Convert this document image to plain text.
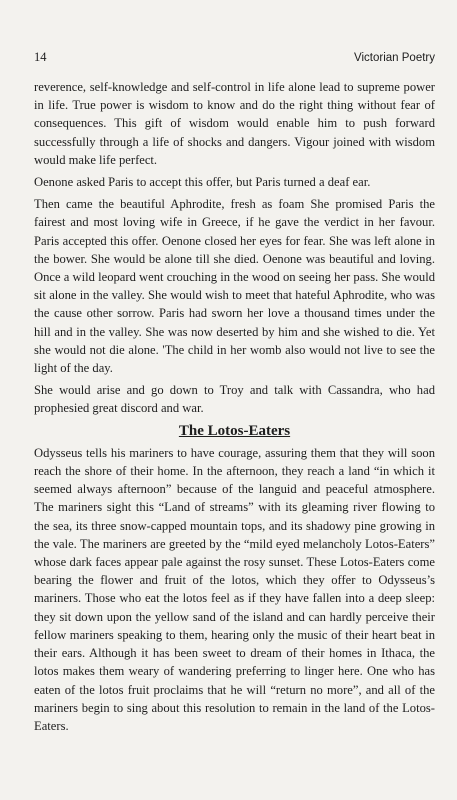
14	Victorian Poetry

reverence, self-knowledge and self-control in life alone lead to supreme power in life. True power is wisdom to know and do the right thing without fear of consequences. This gift of wisdom would enable him to push forward successfully through a life of shocks and dangers. Vigour joined with wisdom would make life perfect.

Oenone asked Paris to accept this offer, but Paris turned a deaf ear.

Then came the beautiful Aphrodite, fresh as foam She promised Paris the fairest and most loving wife in Greece, if he gave the verdict in her favour. Paris accepted this offer. Oenone closed her eyes for fear. She was left alone in the bower. She would be alone till she died. Oenone was beautiful and loving. Once a wild leopard went crouching in the wood on seeing her pass. She would sit alone in the valley. She would wish to meet that hateful Aphrodite, who was the cause other sorrow. Paris had sworn her love a thousand times under the hill and in the valley. She was now deserted by him and she wished to die. Yet she would not die alone. 'The child in her womb also would not live to see the light of the day.

She would arise and go down to Troy and talk with Cassandra, who had prophesied great discord and war.

The Lotos-Eaters

Odysseus tells his mariners to have courage, assuring them that they will soon reach the shore of their home. In the afternoon, they reach a land “in which it seemed always afternoon” because of the languid and peaceful atmosphere. The mariners sight this “Land of streams” with its gleaming river flowing to the sea, its three snow-capped mountain tops, and its shadowy pine growing in the vale. The mariners are greeted by the “mild eyed melancholy Lotos-Eaters” whose dark faces appear pale against the rosy sunset. These Lotos-Eaters come bearing the flower and fruit of the lotos, which they offer to Odysseus’s mariners. Those who eat the lotos feel as if they have fallen into a deep sleep: they sit down upon the yellow sand of the island and can hardly perceive their fellow mariners speaking to them, hearing only the music of their heart beat in their ears. Although it has been sweet to dream of their homes in Ithaca, the lotos makes them weary of wandering preferring to linger here. One who has eaten of the lotos fruit proclaims that he will “return no more”, and all of the mariners begin to sing about this resolution to remain in the land of the Lotos-Eaters.
